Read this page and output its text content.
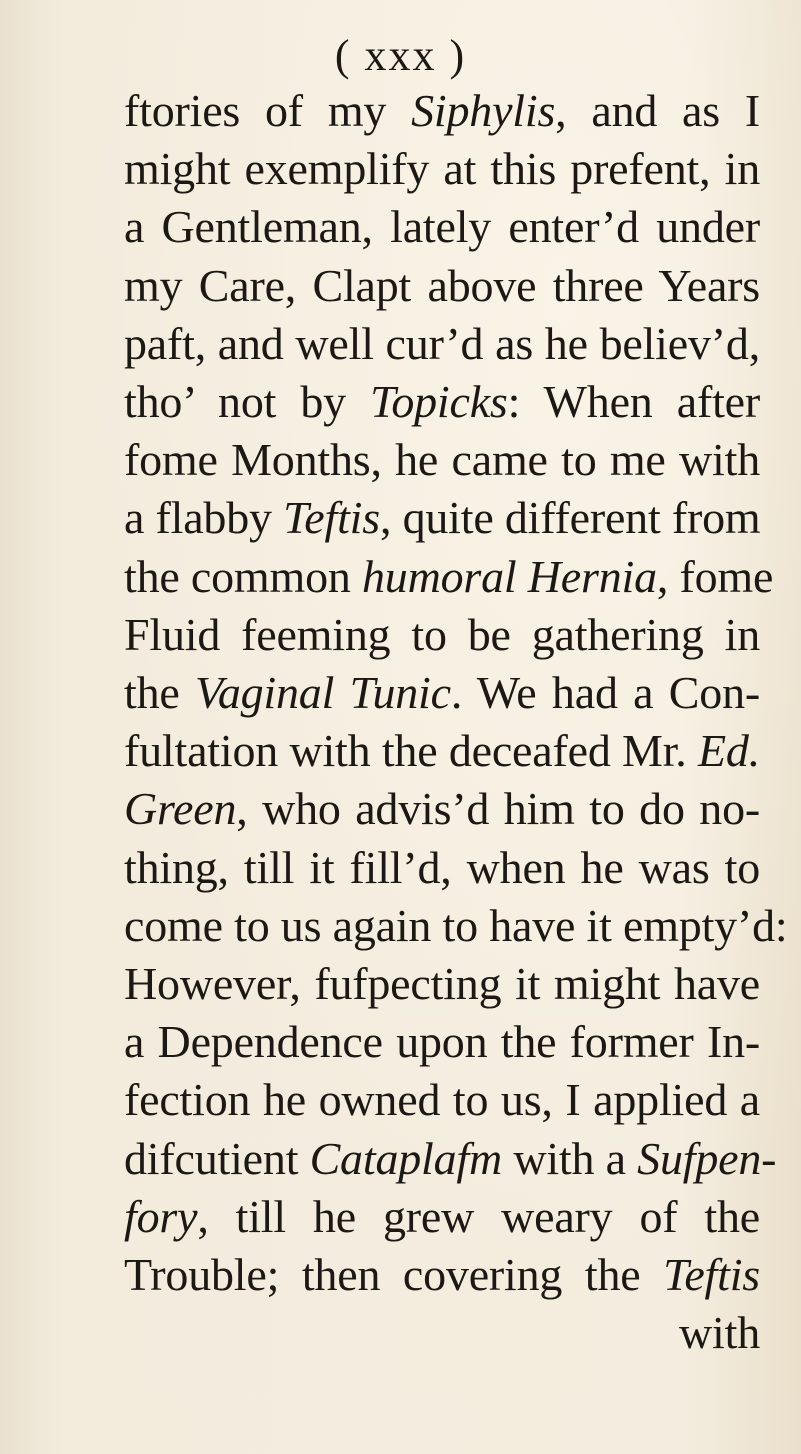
( xxx )
ftories of my Siphylis, and as I
might exemplify at this prefent, in
a Gentleman, lately enter’d under
my Care, Clapt above three Years
paft, and well cur’d as he believ’d,
tho’ not by Topicks: When after
fome Months, he came to me with
a flabby Teftis, quite different from
the common humoral Hernia, fome
Fluid feeming to be gathering in
the Vaginal Tunic. We had a Con-
fultation with the deceafed Mr. Ed.
Green, who advis’d him to do no-
thing, till it fill’d, when he was to
come to us again to have it empty’d:
However, fufpecting it might have
a Dependence upon the former In-
fection he owned to us, I applied a
difcutient Cataplafm with a Sufpen-
fory, till he grew weary of the
Trouble; then covering the Teftis
with
